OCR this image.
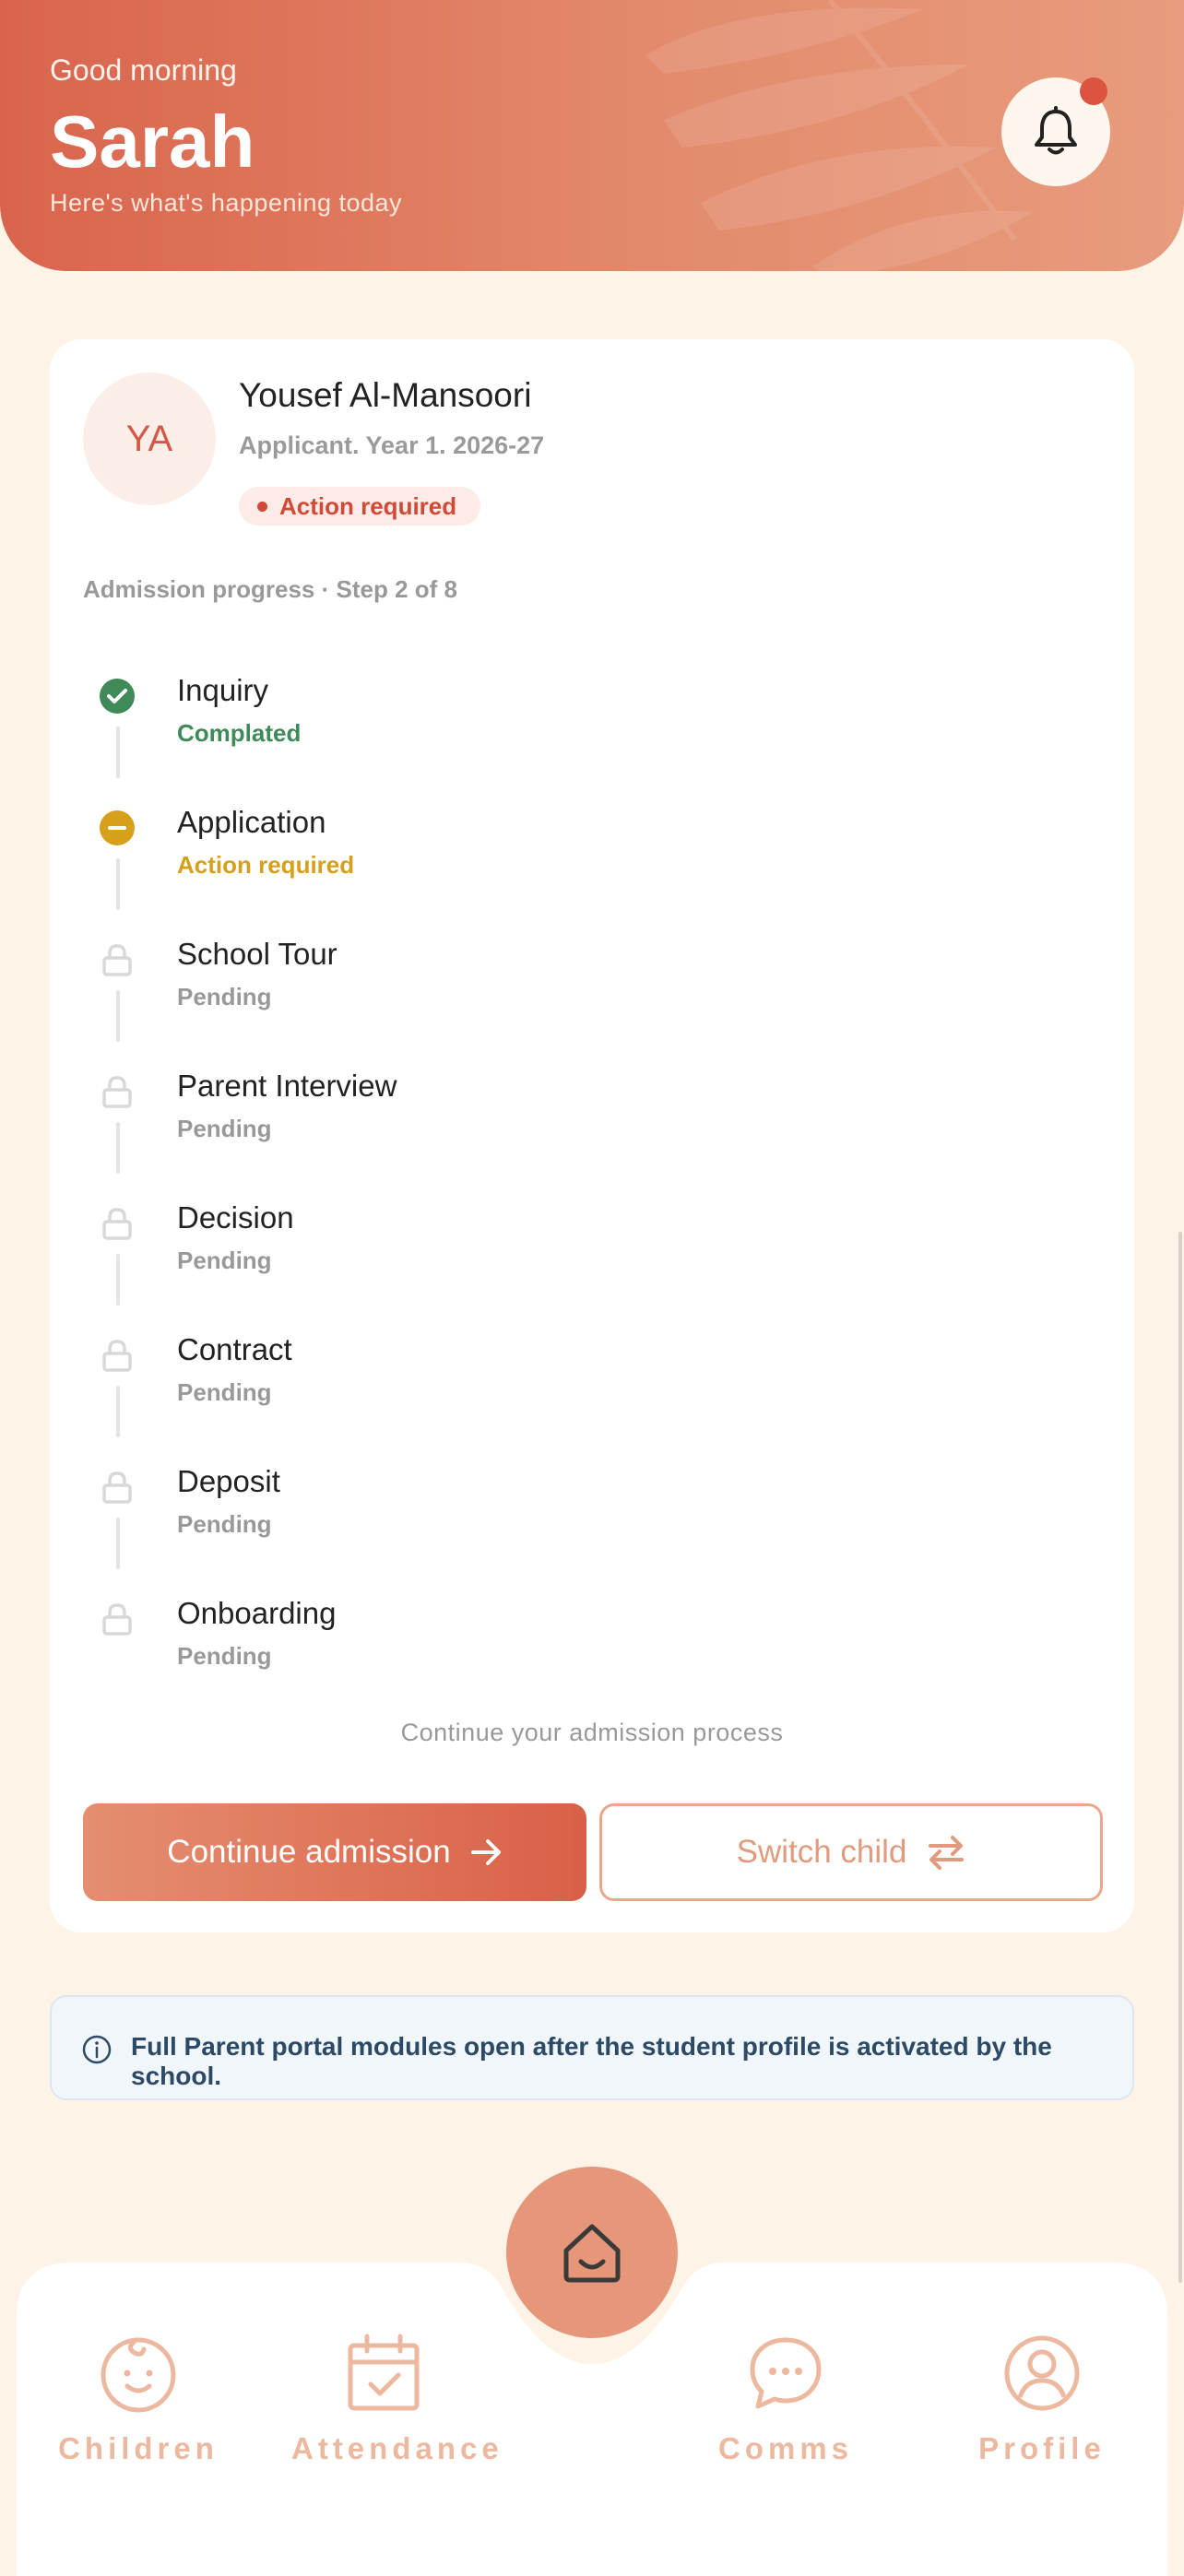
Good morning
Sarah
Here's what's happening today
YA
Yousef Al-Mansoori
Applicant. Year 1. 2026-27
Action required
Admission progress · Step 2 of 8
Inquiry
Complated
Application
Action required
School Tour
Pending
Parent Interview
Pending
Decision
Pending
Contract
Pending
Deposit
Pending
Onboarding
Pending
Continue your admission process
Continue admission	Switch child
Full Parent portal modules open after the student profile is activated by the school.
Children	Attendance	Comms	Profile
